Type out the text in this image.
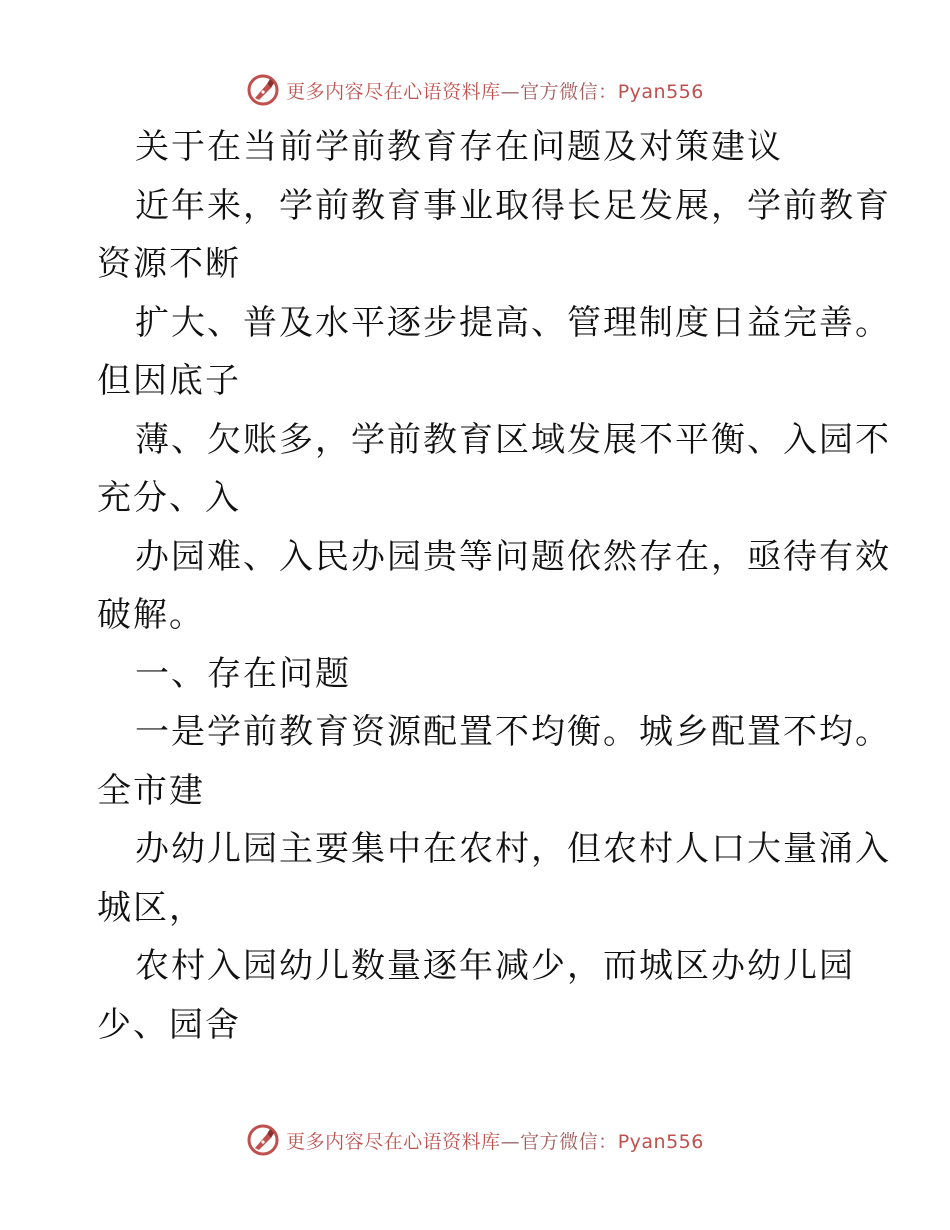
更多内容尽在心语资料库—官方微信：Pyan556
关于在当前学前教育存在问题及对策建议
近年来，学前教育事业取得长足发展，学前教育
资源不断
扩大、普及水平逐步提高、管理制度日益完善。
但因底子
薄、欠账多，学前教育区域发展不平衡、入园不
充分、入
办园难、入民办园贵等问题依然存在，亟待有效
破解。
一、存在问题
一是学前教育资源配置不均衡。城乡配置不均。
全市建
办幼儿园主要集中在农村，但农村人口大量涌入
城区，
农村入园幼儿数量逐年减少，而城区办幼儿园
少、园舍
更多内容尽在心语资料库—官方微信：Pyan556
